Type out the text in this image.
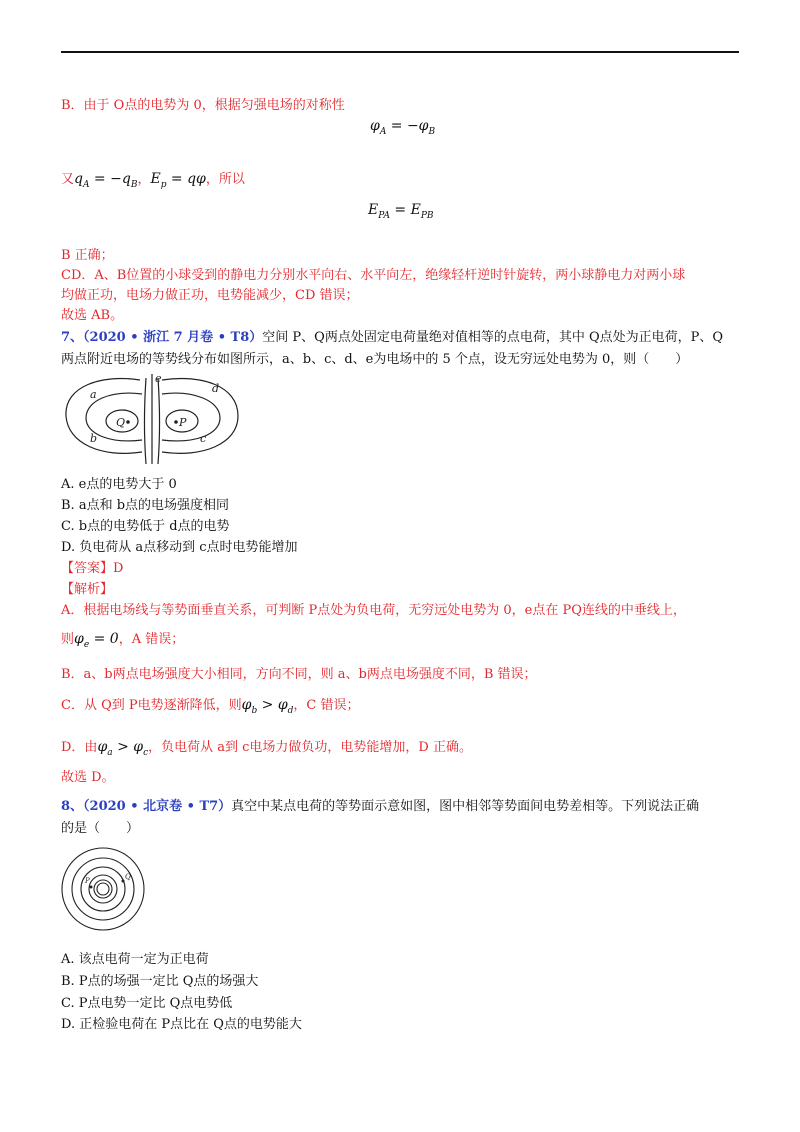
B．由于 O点的电势为 0，根据匀强电场的对称性
$\varphi_A = -\varphi_B$
又$q_A = -q_B$，$E_p = q\varphi$，所以
$E_{PA} = E_{PB}$
B 正确；
CD．A、B位置的小球受到的静电力分别水平向右、水平向左，绝缘轻杆逆时针旋转，两小球静电力对两小球
均做正功，电场力做正功，电势能减少，CD 错误；
故选 AB。
7、（2020 • 浙江 7 月卷 • T8）空间 P、Q两点处固定电荷量绝对值相等的点电荷，其中 Q点处为正电荷，P、Q
两点附近电场的等势线分布如图所示，a、b、c、d、e为电场中的 5 个点，设无穷远处电势为 0，则（　　）
a
b	c
d
e
Q	P
A. e点的电势大于 0
B. a点和 b点的电场强度相同
C. b点的电势低于 d点的电势
D. 负电荷从 a点移动到 c点时电势能增加
【答案】D
【解析】
A．根据电场线与等势面垂直关系，可判断 P点处为负电荷，无穷远处电势为 0，e点在 PQ连线的中垂线上，
则$\varphi_e = 0$，A 错误；
B．a、b两点电场强度大小相同，方向不同，则 a、b两点电场强度不同，B 错误；
C．从 Q到 P电势逐渐降低，则$\varphi_b > \varphi_d$，C 错误；
D．由$\varphi_a > \varphi_c$，负电荷从 a到 c电场力做负功，电势能增加，D 正确。
故选 D。
8、（2020 • 北京卷 • T7）真空中某点电荷的等势面示意如图，图中相邻等势面间电势差相等。下列说法正确
的是（　　）
P	Q
A. 该点电荷一定为正电荷
B. P点的场强一定比 Q点的场强大
C. P点电势一定比 Q点电势低
D. 正检验电荷在 P点比在 Q点的电势能大
